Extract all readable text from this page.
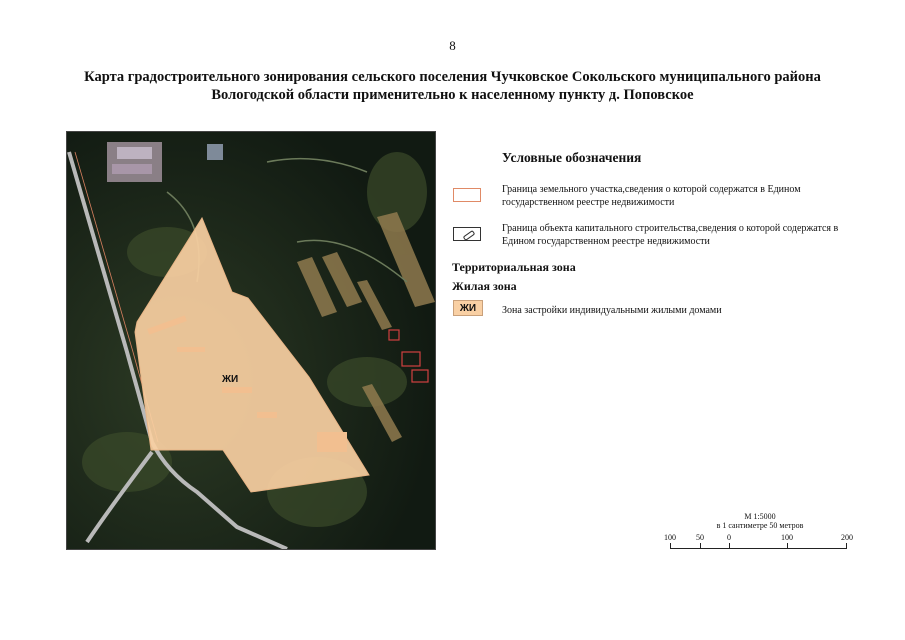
8
Карта градостроительного зонирования сельского поселения Чучковское Сокольского муниципального района
Вологодской области применительно к населенному пункту д. Поповское
ЖИ
Условные обозначения
Граница земельного участка,сведения о которой содержатся в Едином государственном реестре недвижимости
Граница объекта капитального строительства,сведения о которой содержатся в Едином государственном реестре недвижимости
Территориальная зона
Жилая зона
ЖИ	Зона застройки индивидуальными жилыми домами
М 1:5000
в 1 сантиметре 50 метров
100	50	0	100	200
